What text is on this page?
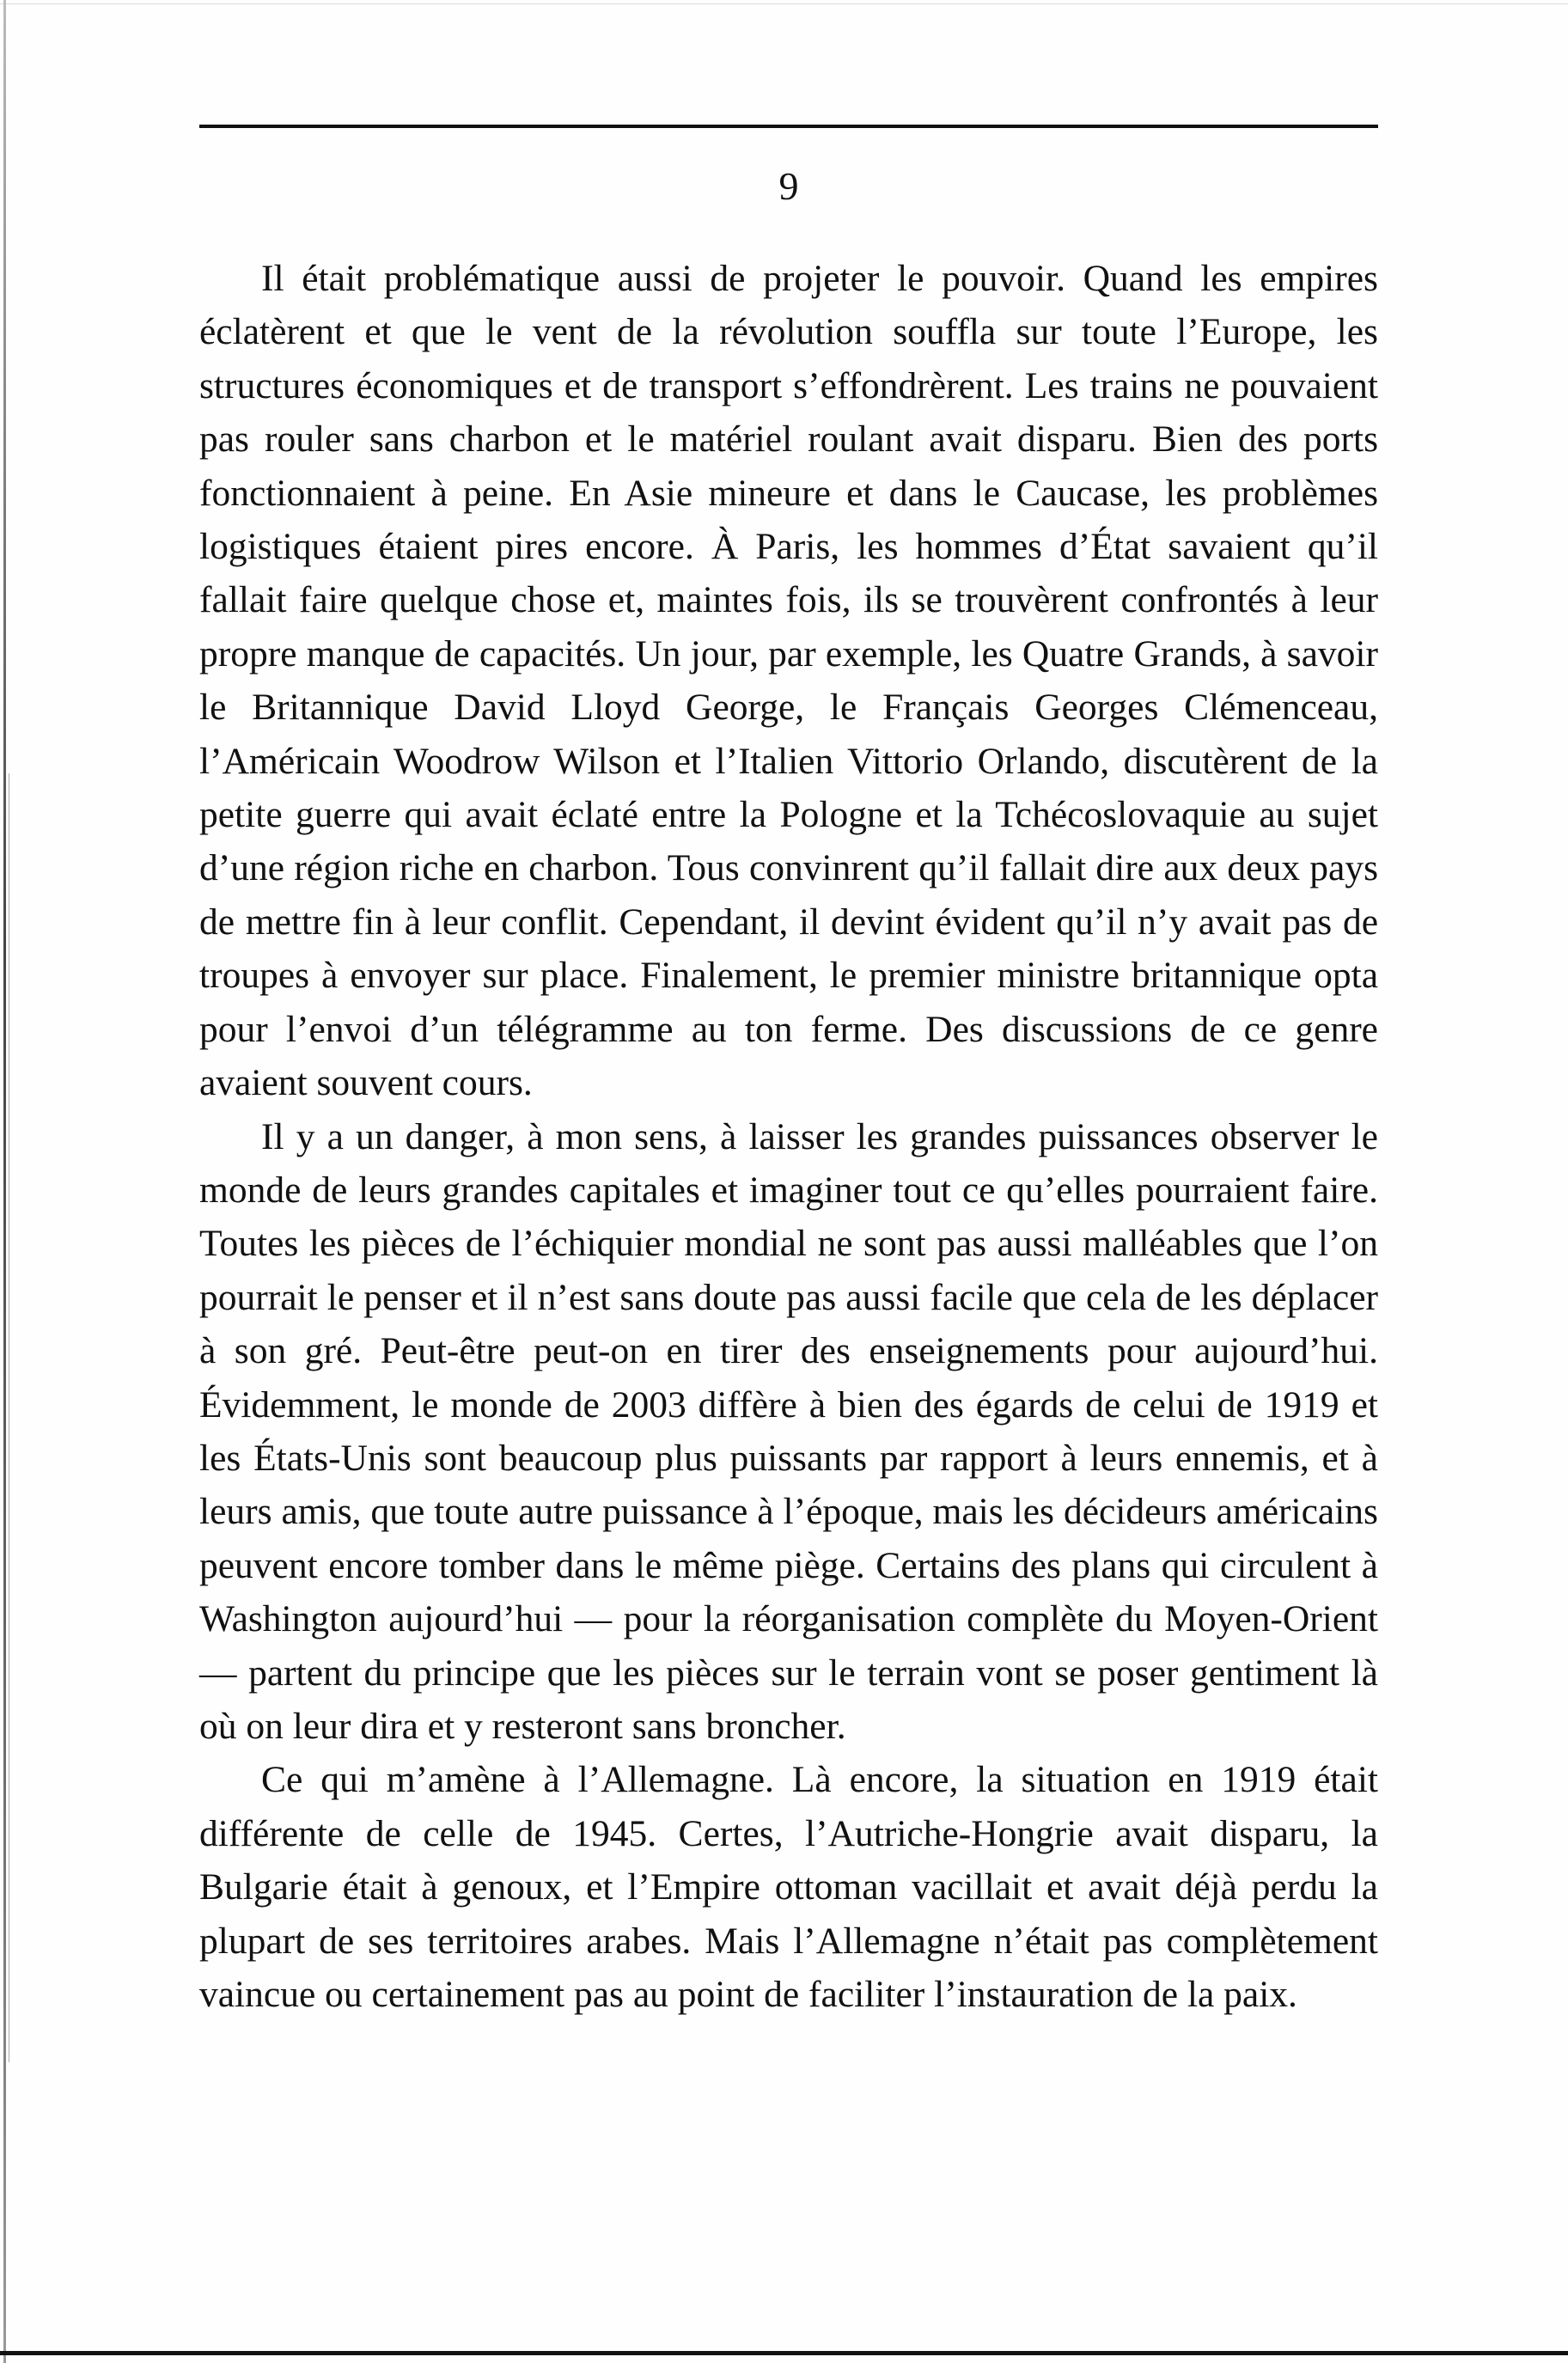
9

Il était problématique aussi de projeter le pouvoir. Quand les empires éclatèrent et que le vent de la révolution souffla sur toute l’Europe, les structures économiques et de transport s’effondrèrent. Les trains ne pouvaient pas rouler sans charbon et le matériel roulant avait disparu. Bien des ports fonctionnaient à peine. En Asie mineure et dans le Caucase, les problèmes logistiques étaient pires encore. À Paris, les hommes d’État savaient qu’il fallait faire quelque chose et, maintes fois, ils se trouvèrent confrontés à leur propre manque de capacités. Un jour, par exemple, les Quatre Grands, à savoir le Britannique David Lloyd George, le Français Georges Clémenceau, l’Américain Woodrow Wilson et l’Italien Vittorio Orlando, discutèrent de la petite guerre qui avait éclaté entre la Pologne et la Tchécoslovaquie au sujet d’une région riche en charbon. Tous convinrent qu’il fallait dire aux deux pays de mettre fin à leur conflit. Cependant, il devint évident qu’il n’y avait pas de troupes à envoyer sur place. Finalement, le premier ministre britannique opta pour l’envoi d’un télégramme au ton ferme. Des discussions de ce genre avaient souvent cours.

Il y a un danger, à mon sens, à laisser les grandes puissances observer le monde de leurs grandes capitales et imaginer tout ce qu’elles pourraient faire. Toutes les pièces de l’échiquier mondial ne sont pas aussi malléables que l’on pourrait le penser et il n’est sans doute pas aussi facile que cela de les déplacer à son gré. Peut-être peut-on en tirer des enseignements pour aujourd’hui. Évidemment, le monde de 2003 diffère à bien des égards de celui de 1919 et les États-Unis sont beaucoup plus puissants par rapport à leurs ennemis, et à leurs amis, que toute autre puissance à l’époque, mais les décideurs américains peuvent encore tomber dans le même piège. Certains des plans qui circulent à Washington aujourd’hui — pour la réorganisation complète du Moyen-Orient — partent du principe que les pièces sur le terrain vont se poser gentiment là où on leur dira et y resteront sans broncher.

Ce qui m’amène à l’Allemagne. Là encore, la situation en 1919 était différente de celle de 1945. Certes, l’Autriche-Hongrie avait disparu, la Bulgarie était à genoux, et l’Empire ottoman vacillait et avait déjà perdu la plupart de ses territoires arabes. Mais l’Allemagne n’était pas complètement vaincue ou certainement pas au point de faciliter l’instauration de la paix.
